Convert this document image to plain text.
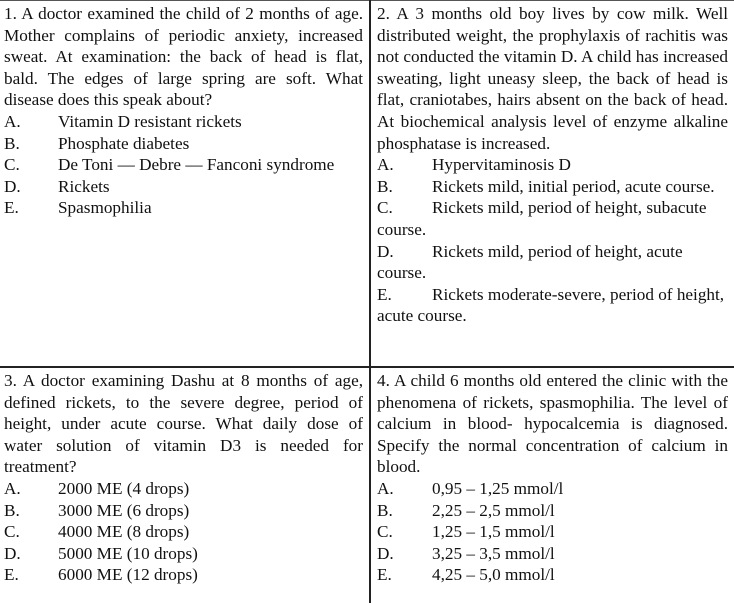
1. A doctor examined the child of 2 months of age. Mother complains of periodic anxiety, increased sweat. At examination: the back of head is flat, bald. The edges of large spring are soft. What disease does this speak about?

A. Vitamin D resistant rickets

B. Phosphate diabetes

C. De Toni — Debre — Fanconi syndrome

D. Rickets

E. Spasmophilia

2. A 3 months old boy lives by cow milk. Well distributed weight, the prophylaxis of rachitis was not conducted the vitamin D. A child has increased sweating, light uneasy sleep, the back of head is flat, craniotabes, hairs absent on the back of head. At biochemical analysis level of enzyme alkaline phosphatase is increased.

A. Hypervitaminosis D

B. Rickets mild, initial period, acute course.

C. Rickets mild, period of height, subacute course.

D. Rickets mild, period of height, acute course.

E. Rickets moderate-severe, period of height, acute course.

3. A doctor examining Dashu at 8 months of age, defined rickets, to the severe degree, period of height, under acute course. What daily dose of water solution of vitamin D3 is needed for treatment?

A. 2000 ME (4 drops)

B. 3000 ME (6 drops)

C. 4000 ME (8 drops)

D. 5000 ME (10 drops)

E. 6000 ME (12 drops)

4. A child 6 months old entered the clinic with the phenomena of rickets, spasmophilia. The level of calcium in blood- hypocalcemia is diagnosed. Specify the normal concentration of calcium in blood.

A. 0,95 – 1,25 mmol/l

B. 2,25 – 2,5 mmol/l

C. 1,25 – 1,5 mmol/l

D. 3,25 – 3,5 mmol/l

E. 4,25 – 5,0 mmol/l
